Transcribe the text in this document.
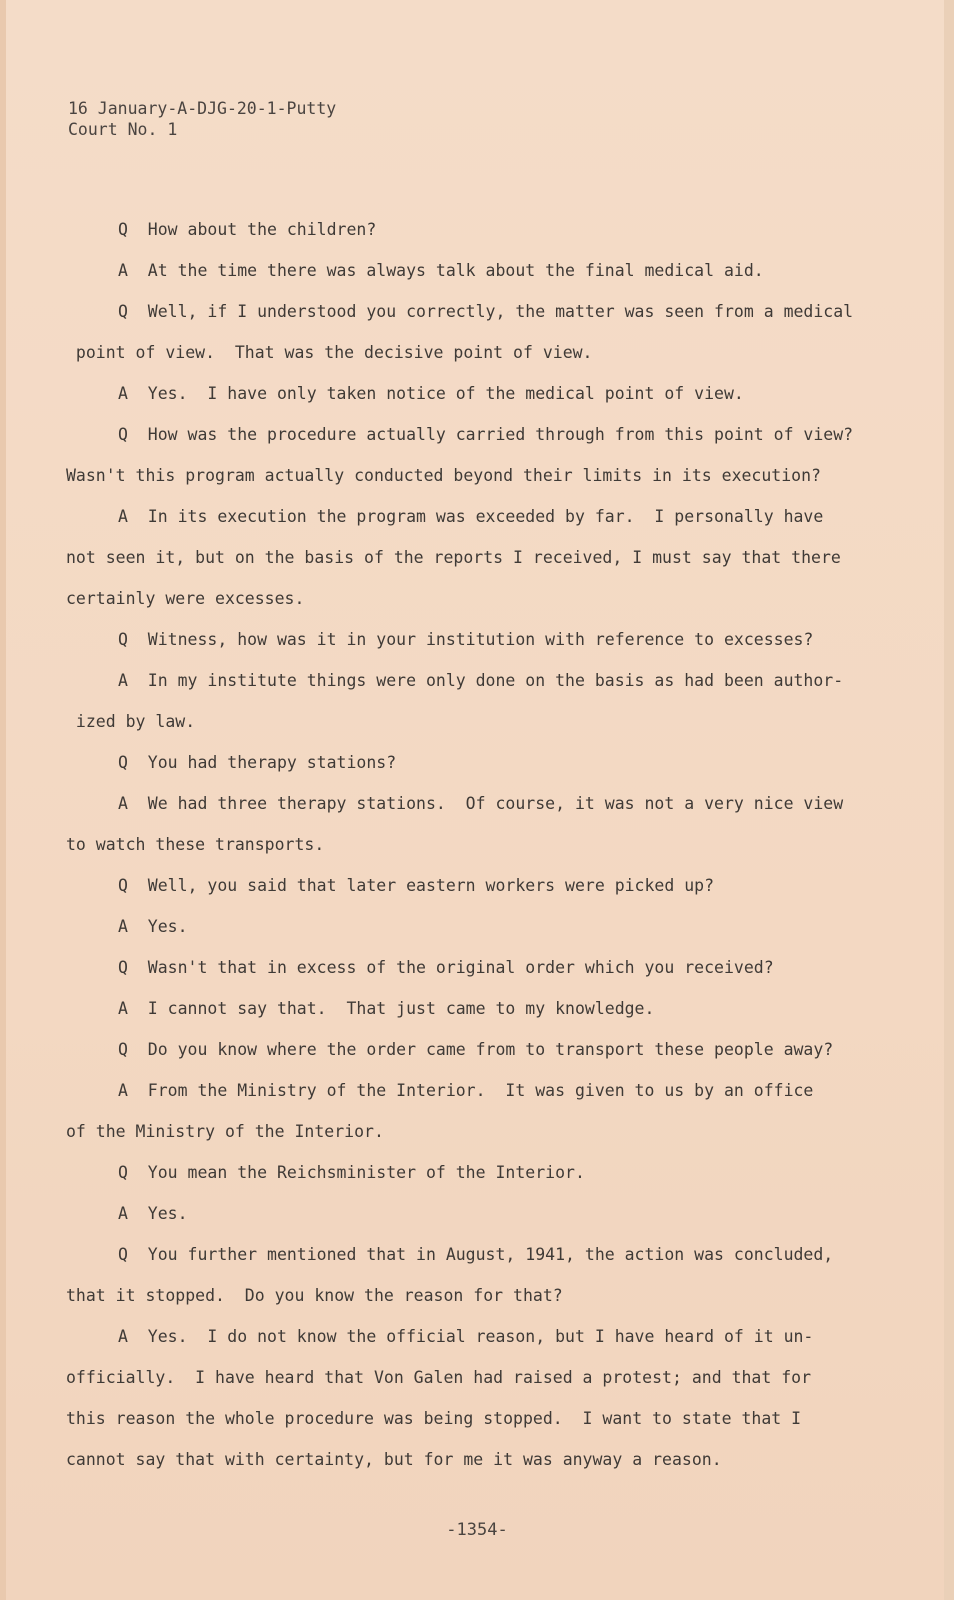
16 January-A-DJG-20-1-Putty
Court No. 1
Q  How about the children?
A  At the time there was always talk about the final medical aid.
Q  Well, if I understood you correctly, the matter was seen from a medical
point of view.  That was the decisive point of view.
A  Yes.  I have only taken notice of the medical point of view.
Q  How was the procedure actually carried through from this point of view?
Wasn't this program actually conducted beyond their limits in its execution?
A  In its execution the program was exceeded by far.  I personally have
not seen it, but on the basis of the reports I received, I must say that there
certainly were excesses.
Q  Witness, how was it in your institution with reference to excesses?
A  In my institute things were only done on the basis as had been author-
ized by law.
Q  You had therapy stations?
A  We had three therapy stations.  Of course, it was not a very nice view
to watch these transports.
Q  Well, you said that later eastern workers were picked up?
A  Yes.
Q  Wasn't that in excess of the original order which you received?
A  I cannot say that.  That just came to my knowledge.
Q  Do you know where the order came from to transport these people away?
A  From the Ministry of the Interior.  It was given to us by an office
of the Ministry of the Interior.
Q  You mean the Reichsminister of the Interior.
A  Yes.
Q  You further mentioned that in August, 1941, the action was concluded,
that it stopped.  Do you know the reason for that?
A  Yes.  I do not know the official reason, but I have heard of it un-
officially.  I have heard that Von Galen had raised a protest; and that for
this reason the whole procedure was being stopped.  I want to state that I
cannot say that with certainty, but for me it was anyway a reason.
-1354-
